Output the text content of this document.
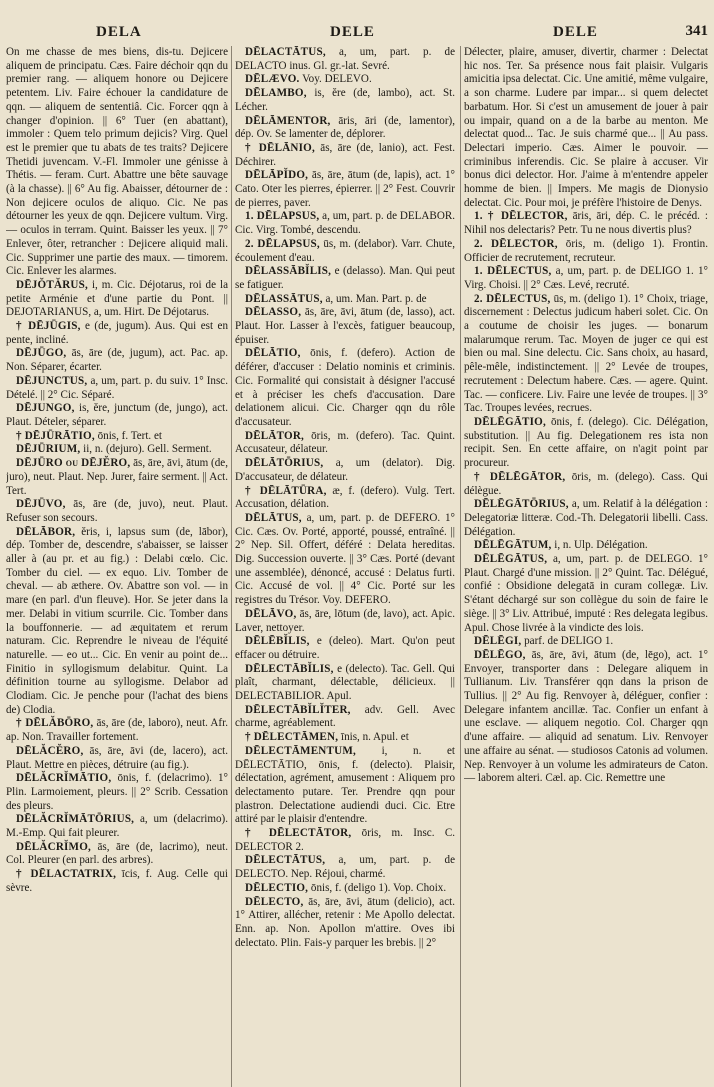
DELA	DELE	DELE	341

On me chasse de mes biens, dis-tu. Dejicere aliquem de principatu. Cæs. Faire déchoir qqn du premier rang. — aliquem honore ou Dejicere petentem. Liv. Faire échouer la candidature de qqn. — aliquem de sententiâ. Cic. Forcer qqn à changer d'opinion. || 6° Tuer (en abattant), immoler : Quem telo primum dejicis? Virg. Quel est le premier que tu abats de tes traits? Dejicere Thetidi juvencam. V.-Fl. Immoler une génisse à Thétis. — feram. Curt. Abattre une bête sauvage (à la chasse). || 6° Au fig. Abaisser, détourner de : Non dejicere oculos de aliquo. Cic. Ne pas détourner les yeux de qqn. Dejicere vultum. Virg. — oculos in terram. Quint. Baisser les yeux. || 7° Enlever, ôter, retrancher : Dejicere aliquid mali. Cic. Supprimer une partie des maux. — timorem. Cic. Enlever les alarmes.

DĒJŎTĂRUS, i, m. Cic. Déjotarus, roi de la petite Arménie et d'une partie du Pont. || DEJOTARIANUS, a, um. Hirt. De Déjotarus.

† DĒJŪGIS, e (de, jugum). Aus. Qui est en pente, incliné.

DĒJŪGO, ās, āre (de, jugum), act. Pac. ap. Non. Séparer, écarter.

DĒJUNCTUS, a, um, part. p. du suiv. 1° Insc. Dételé. || 2° Cic. Séparé.

DĒJUNGO, is, ĕre, junctum (de, jungo), act. Plaut. Dételer, séparer.

† DĒJŪRĀTIO, ōnis, f. Tert. et

DĒJŪRIUM, ii, n. (dejuro). Gell. Serment.

DĒJŪRO ou DĒJĔRO, ās, āre, āvi, ātum (de, juro), neut. Plaut. Nep. Jurer, faire serment. || Act. Tert.

DĒJŪVO, ās, āre (de, juvo), neut. Plaut. Refuser son secours.

DĒLĀBOR, ĕris, i, lapsus sum (de, lābor), dép. Tomber de, descendre, s'abaisser, se laisser aller à (au pr. et au fig.) : Delabi cœlo. Cic. Tomber du ciel. — ex equo. Liv. Tomber de cheval. — ab æthere. Ov. Abattre son vol. — in mare (en parl. d'un fleuve). Hor. Se jeter dans la mer. Delabi in vitium scurrile. Cic. Tomber dans la bouffonnerie. — ad æquitatem et rerum naturam. Cic. Reprendre le niveau de l'équité naturelle. — eo ut... Cic. En venir au point de... Finitio in syllogismum delabitur. Quint. La définition tourne au syllogisme. Delabor ad Clodiam. Cic. Je penche pour (l'achat des biens de) Clodia.

† DĒLĂBŌRO, ās, āre (de, laboro), neut. Afr. ap. Non. Travailler fortement.

DĒLĂCĔRO, ās, āre, āvi (de, lacero), act. Plaut. Mettre en pièces, détruire (au fig.).

DĒLĂCRĬMĀTIO, ōnis, f. (delacrimo). 1° Plin. Larmoiement, pleurs. || 2° Scrib. Cessation des pleurs.

DĒLĂCRĬMĀTŌRIUS, a, um (delacrimo). M.-Emp. Qui fait pleurer.

DĒLĂCRĬMO, ās, āre (de, lacrimo), neut. Col. Pleurer (en parl. des arbres).

† DĒLACTATRIX, īcis, f. Aug. Celle qui sèvre.

DĒLACTĀTUS, a, um, part. p. de DELACTO inus. Gl. gr.-lat. Sevré.

DĒLÆVO. Voy. DELEVO.

DĒLAMBO, is, ĕre (de, lambo), act. St. Lécher.

DĒLĀMENTOR, āris, āri (de, lamentor), dép. Ov. Se lamenter de, déplorer.

† DĒLĀNIO, ās, āre (de, lanio), act. Fest. Déchirer.

DĒLĀPĬDO, ās, āre, ātum (de, lapis), act. 1° Cato. Oter les pierres, épierrer. || 2° Fest. Couvrir de pierres, paver.

1. DĒLAPSUS, a, um, part. p. de DELABOR. Cic. Virg. Tombé, descendu.

2. DĒLAPSUS, ūs, m. (delabor). Varr. Chute, écoulement d'eau.

DĒLASSĀBĬLIS, e (delasso). Man. Qui peut se fatiguer.

DĒLASSĀTUS, a, um. Man. Part. p. de

DĒLASSO, ās, āre, āvi, ātum (de, lasso), act. Plaut. Hor. Lasser à l'excès, fatiguer beaucoup, épuiser.

DĒLĀTIO, ōnis, f. (defero). Action de déférer, d'accuser : Delatio nominis et criminis. Cic. Formalité qui consistait à désigner l'accusé et à préciser les chefs d'accusation. Dare delationem alicui. Cic. Charger qqn du rôle d'accusateur.

DĒLĀTOR, ōris, m. (defero). Tac. Quint. Accusateur, délateur.

DĒLĀTŌRIUS, a, um (delator). Dig. D'accusateur, de délateur.

† DĒLĀTŪRA, æ, f. (defero). Vulg. Tert. Accusation, délation.

DĒLĀTUS, a, um, part. p. de DEFERO. 1° Cic. Cæs. Ov. Porté, apporté, poussé, entraîné. || 2° Nep. Sil. Offert, déféré : Delata hereditas. Dig. Succession ouverte. || 3° Cæs. Porté (devant une assemblée), dénoncé, accusé : Delatus furti. Cic. Accusé de vol. || 4° Cic. Porté sur les registres du Trésor. Voy. DEFERO.

DĒLĀVO, ās, āre, lōtum (de, lavo), act. Apic. Laver, nettoyer.

DĒLĒBĬLIS, e (deleo). Mart. Qu'on peut effacer ou détruire.

DĒLECTĀBĬLIS, e (delecto). Tac. Gell. Qui plaît, charmant, délectable, délicieux. || DELECTABILIOR. Apul.

DĒLECTĀBĬLĬTER, adv. Gell. Avec charme, agréablement.

† DĒLECTĀMEN, īnis, n. Apul. et

DĒLECTĀMENTUM, i, n. et DĒLECTĀTIO, ōnis, f. (delecto). Plaisir, délectation, agrément, amusement : Aliquem pro delectamento putare. Ter. Prendre qqn pour plastron. Delectatione audiendi duci. Cic. Etre attiré par le plaisir d'entendre.

† DĒLECTĀTOR, ōris, m. Insc. C. DELECTOR 2.

DĒLECTĀTUS, a, um, part. p. de DELECTO. Nep. Réjoui, charmé.

DĒLECTIO, ōnis, f. (deligo 1). Vop. Choix.

DĒLECTO, ās, āre, āvi, ātum (delicio), act. 1° Attirer, allécher, retenir : Me Apollo delectat. Enn. ap. Non. Apollon m'attire. Oves ibi delectato. Plin. Fais-y parquer les brebis. || 2°

Délecter, plaire, amuser, divertir, charmer : Delectat hic nos. Ter. Sa présence nous fait plaisir. Vulgaris amicitia ipsa delectat. Cic. Une amitié, même vulgaire, a son charme. Ludere par impar... si quem delectet barbatum. Hor. Si c'est un amusement de jouer à pair ou impair, quand on a de la barbe au menton. Me delectat quod... Tac. Je suis charmé que... || Au pass. Delectari imperio. Cæs. Aimer le pouvoir. — criminibus inferendis. Cic. Se plaire à accuser. Vir bonus dici delector. Hor. J'aime à m'entendre appeler homme de bien. || Impers. Me magis de Dionysio delectat. Cic. Pour moi, je préfère l'histoire de Denys.

1. † DĒLECTOR, āris, āri, dép. C. le précéd. : Nihil nos delectaris? Petr. Tu ne nous divertis plus?

2. DĒLECTOR, ōris, m. (deligo 1). Frontin. Officier de recrutement, recruteur.

1. DĒLECTUS, a, um, part. p. de DELIGO 1. 1° Virg. Choisi. || 2° Cæs. Levé, recruté.

2. DĒLECTUS, ūs, m. (deligo 1). 1° Choix, triage, discernement : Delectus judicum haberi solet. Cic. On a coutume de choisir les juges. — bonarum malarumque rerum. Tac. Moyen de juger ce qui est bien ou mal. Sine delectu. Cic. Sans choix, au hasard, pêle-mêle, indistinctement. || 2° Levée de troupes, recrutement : Delectum habere. Cæs. — agere. Quint. Tac. — conficere. Liv. Faire une levée de troupes. || 3° Tac. Troupes levées, recrues.

DĒLĒGĀTIO, ōnis, f. (delego). Cic. Délégation, substitution. || Au fig. Delegationem res ista non recipit. Sen. En cette affaire, on n'agit point par procureur.

† DĒLĒGĀTOR, ōris, m. (delego). Cass. Qui délègue.

DĒLĒGĀTŌRIUS, a, um. Relatif à la délégation : Delegatoriæ litteræ. Cod.-Th. Delegatorii libelli. Cass. Délégation.

DĒLĒGĀTUM, i, n. Ulp. Délégation.

DĒLĒGĀTUS, a, um, part. p. de DELEGO. 1° Plaut. Chargé d'une mission. || 2° Quint. Tac. Délégué, confié : Obsidione delegatā in curam collegæ. Liv. S'étant déchargé sur son collègue du soin de faire le siège. || 3° Liv. Attribué, imputé : Res delegata legibus. Apul. Chose livrée à la vindicte des lois.

DĒLĒGI, parf. de DELIGO 1.

DĒLĒGO, ās, āre, āvi, ātum (de, lēgo), act. 1° Envoyer, transporter dans : Delegare aliquem in Tullianum. Liv. Transférer qqn dans la prison de Tullius. || 2° Au fig. Renvoyer à, déléguer, confier : Delegare infantem ancillæ. Tac. Confier un enfant à une esclave. — aliquem negotio. Col. Charger qqn d'une affaire. — aliquid ad senatum. Liv. Renvoyer une affaire au sénat. — studiosos Catonis ad volumen. Nep. Renvoyer à un volume les admirateurs de Caton. — laborem alteri. Cæl. ap. Cic. Remettre une
